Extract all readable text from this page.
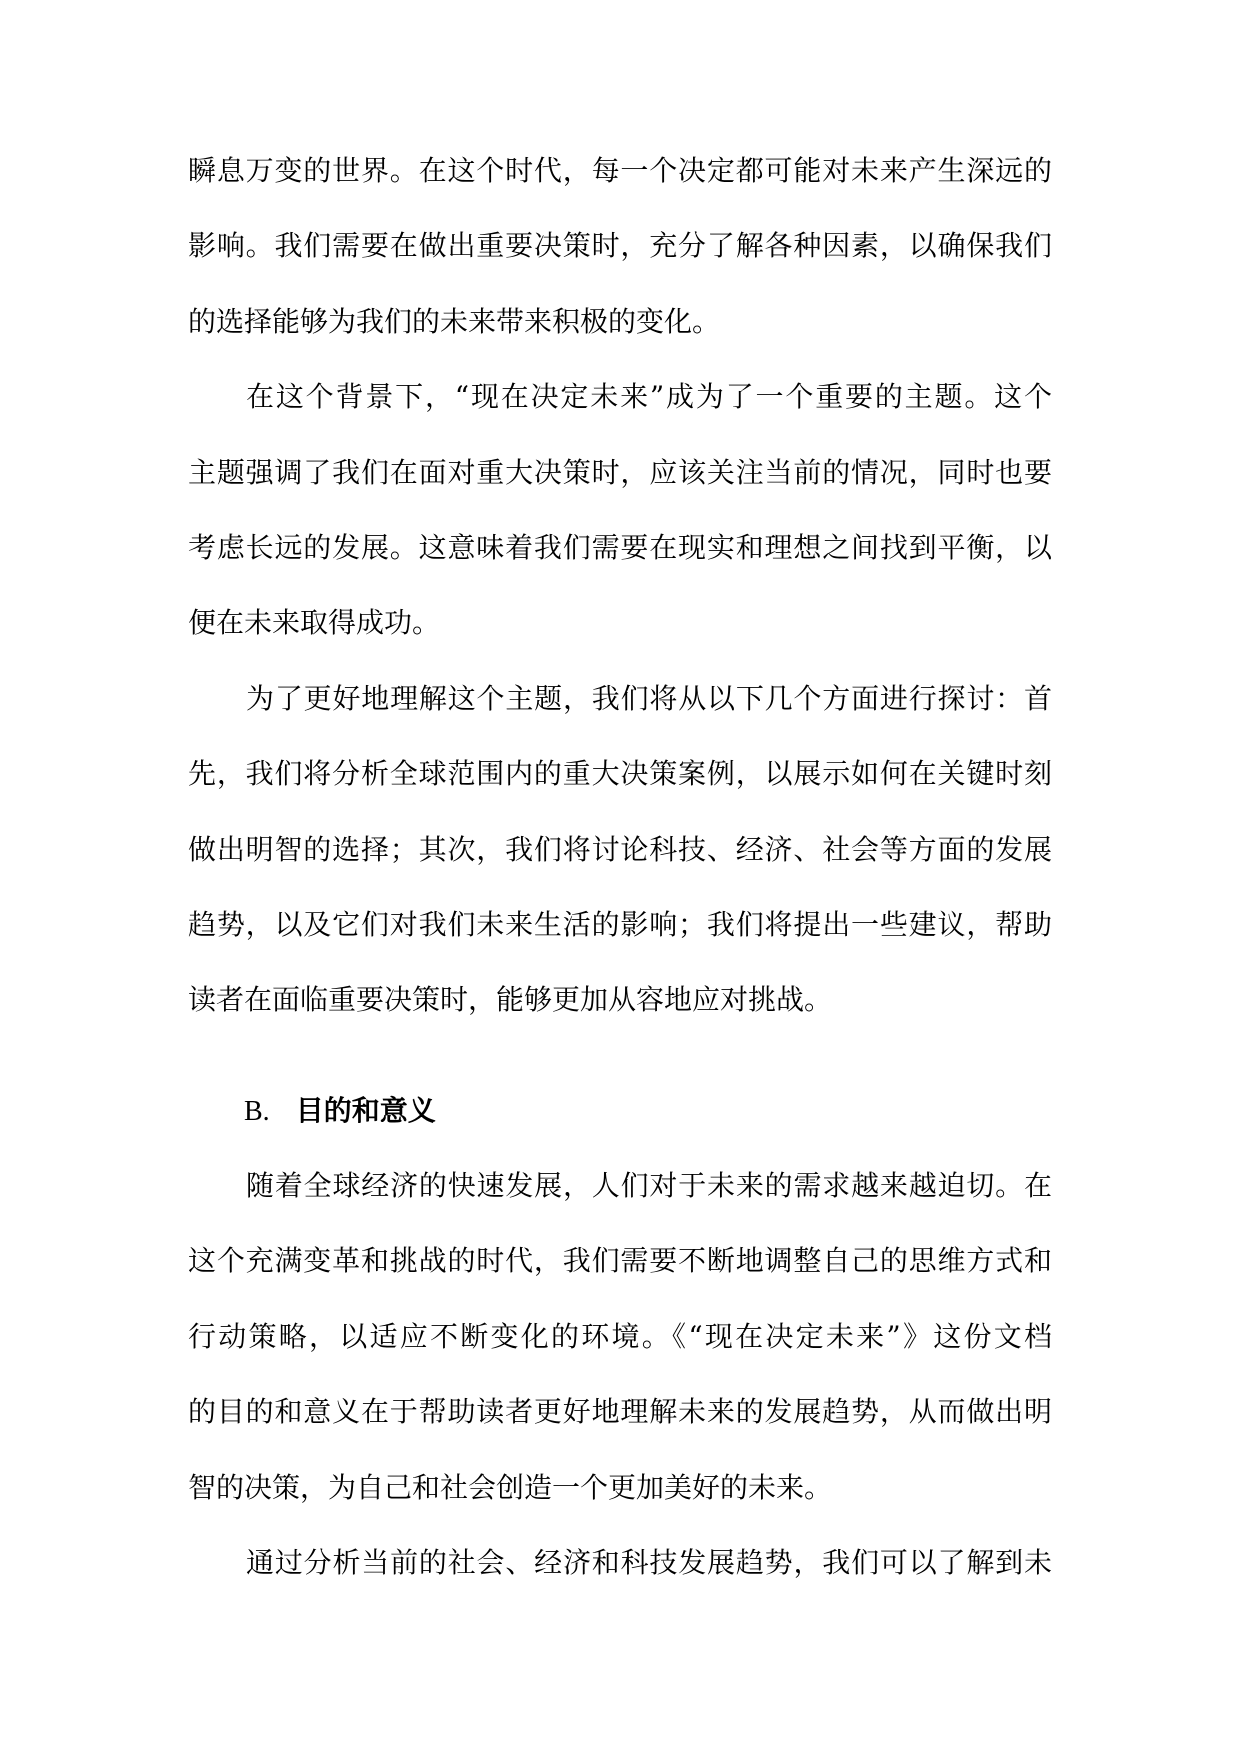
瞬息万变的世界。在这个时代，每一个决定都可能对未来产生深远的
影响。我们需要在做出重要决策时，充分了解各种因素，以确保我们
的选择能够为我们的未来带来积极的变化。
在这个背景下，“现在决定未来”成为了一个重要的主题。这个
主题强调了我们在面对重大决策时，应该关注当前的情况，同时也要
考虑长远的发展。这意味着我们需要在现实和理想之间找到平衡，以
便在未来取得成功。
为了更好地理解这个主题，我们将从以下几个方面进行探讨：首
先，我们将分析全球范围内的重大决策案例，以展示如何在关键时刻
做出明智的选择；其次，我们将讨论科技、经济、社会等方面的发展
趋势，以及它们对我们未来生活的影响；我们将提出一些建议，帮助
读者在面临重要决策时，能够更加从容地应对挑战。
B. 目的和意义
随着全球经济的快速发展，人们对于未来的需求越来越迫切。在
这个充满变革和挑战的时代，我们需要不断地调整自己的思维方式和
行动策略，以适应不断变化的环境。《“现在决定未来”》这份文档
的目的和意义在于帮助读者更好地理解未来的发展趋势，从而做出明
智的决策，为自己和社会创造一个更加美好的未来。
通过分析当前的社会、经济和科技发展趋势，我们可以了解到未
